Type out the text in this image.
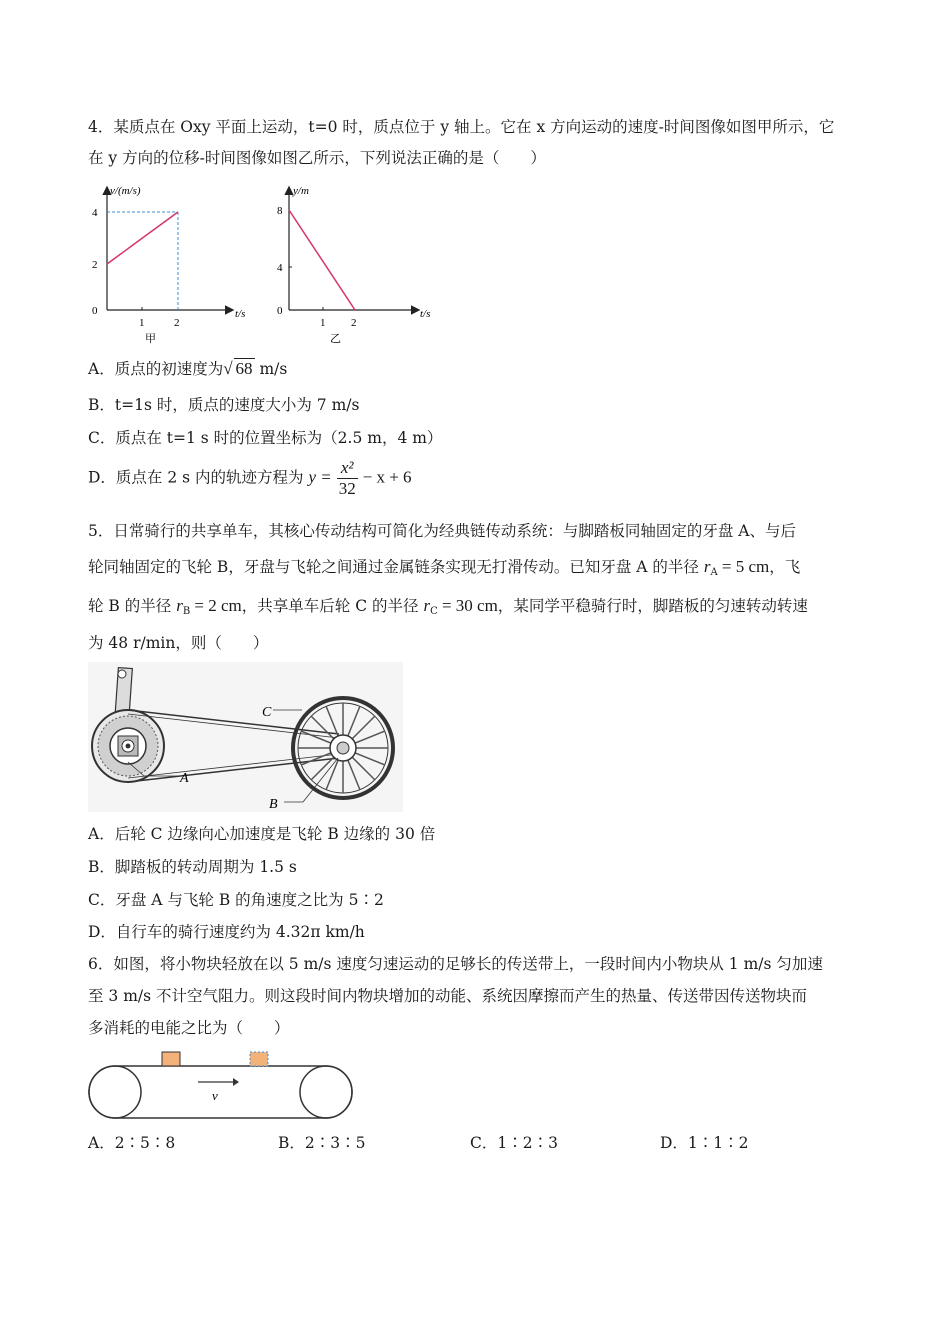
4．某质点在 Oxy 平面上运动，t=0 时，质点位于 y 轴上。它在 x 方向运动的速度-时间图像如图甲所示，它
在 y 方向的位移-时间图像如图乙所示，下列说法正确的是（　　）
v/(m/s)
4
2
0
1	2
t/s
甲
y/m
8
4
0
1 2
t/s
乙
A．质点的初速度为√ 68 m/s
B．t=1s 时，质点的速度大小为 7 m/s
C．质点在 t=1 s 时的位置坐标为（2.5 m，4 m）
D．质点在 2 s 内的轨迹方程为 $y = \frac{\text{x²}}{32} - x + 6$
5．日常骑行的共享单车，其核心传动结构可简化为经典链传动系统：与脚踏板同轴固定的牙盘 A、与后
轮同轴固定的飞轮 B，牙盘与飞轮之间通过金属链条实现无打滑传动。已知牙盘 A 的半径 $r_A = 5$ cm，飞
轮 B 的半径 $r_B = 2$ cm，共享单车后轮 C 的半径 $r_C = 30$ cm，某同学平稳骑行时，脚踏板的匀速转动转速
为 48 r/min，则（　　）
C
A
B
A．后轮 C 边缘向心加速度是飞轮 B 边缘的 30 倍
B．脚踏板的转动周期为 1.5 s
C．牙盘 A 与飞轮 B 的角速度之比为 5∶2
D．自行车的骑行速度约为 4.32π km/h
6．如图，将小物块轻放在以 5 m/s 速度匀速运动的足够长的传送带上，一段时间内小物块从 1 m/s 匀加速
至 3 m/s 不计空气阻力。则这段时间内物块增加的动能、系统因摩擦而产生的热量、传送带因传送物块而
多消耗的电能之比为（　　）
v
A．2∶5∶8	B．2∶3∶5	C．1∶2∶3	D．1∶1∶2
